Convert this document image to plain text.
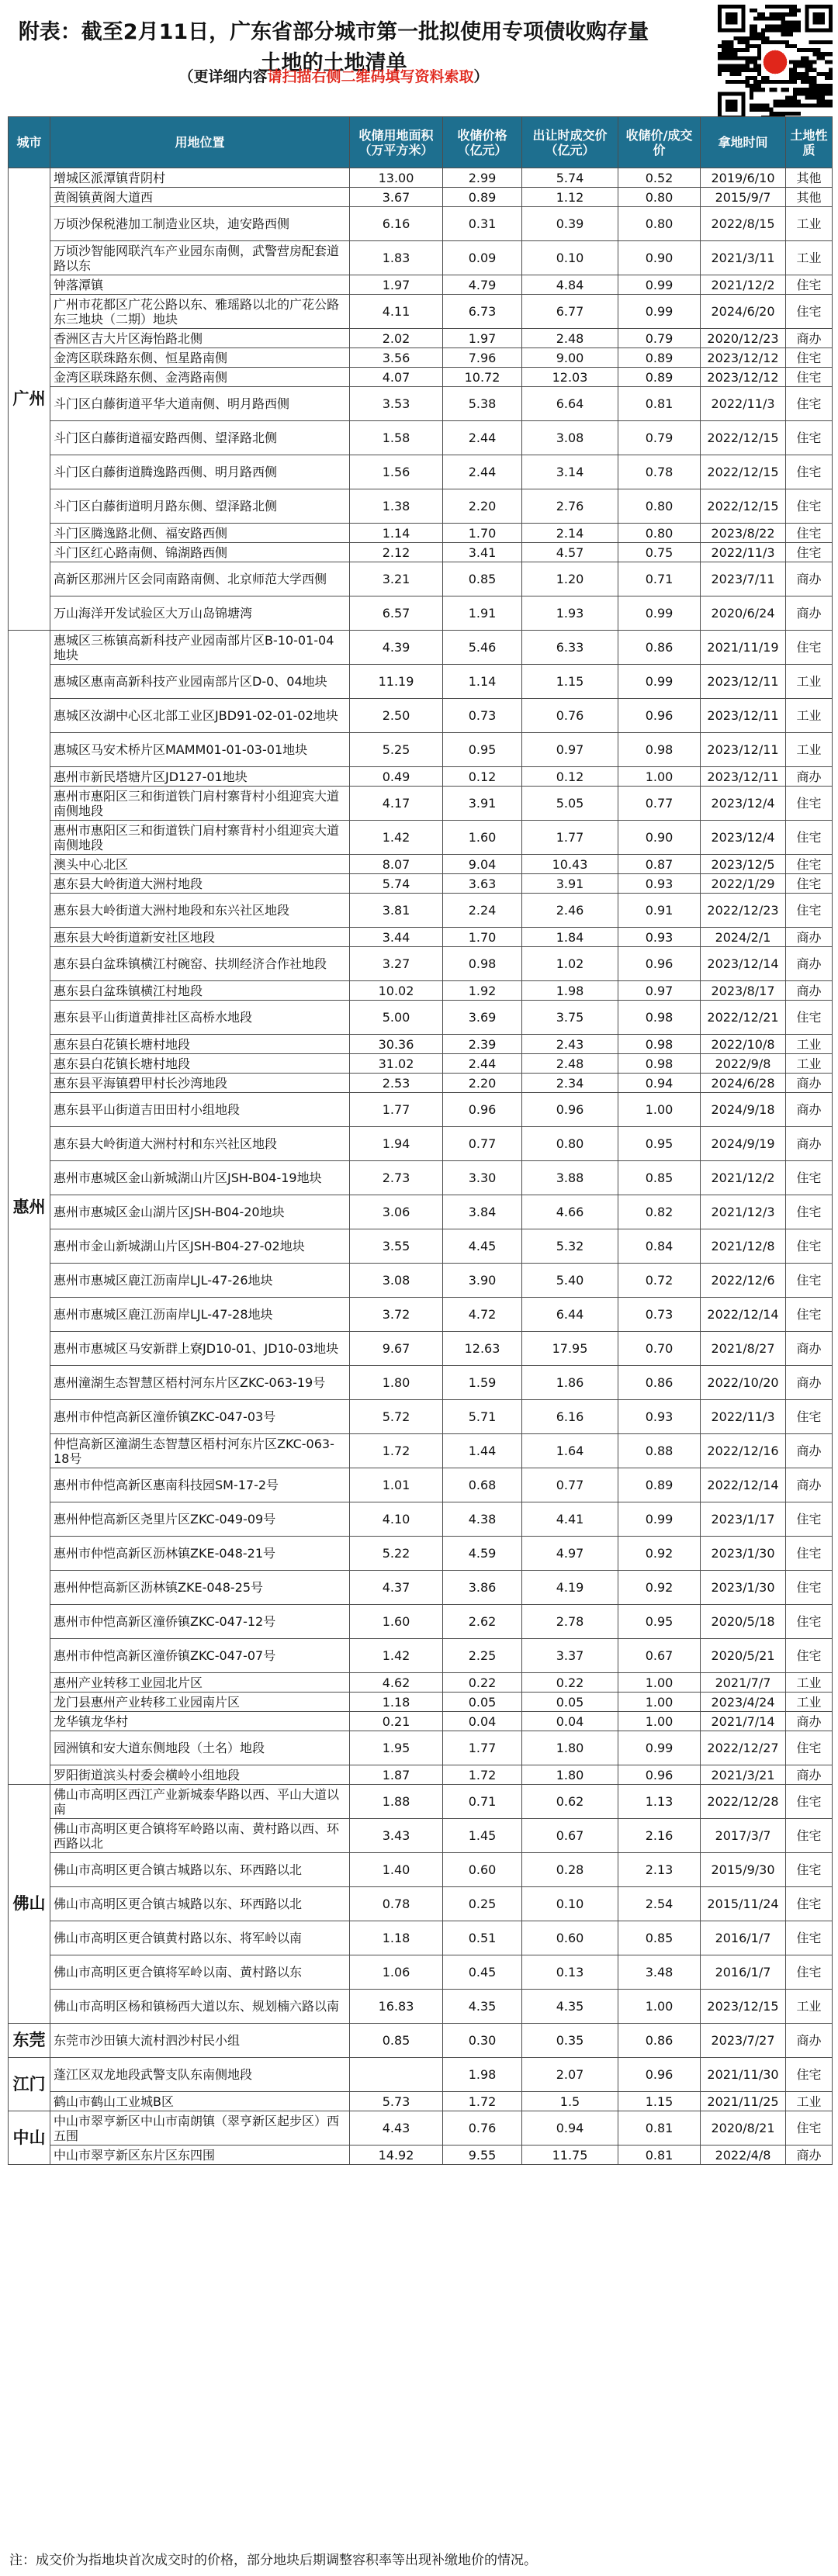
附表：截至2月11日，广东省部分城市第一批拟使用专项债收购存量土地的土地清单
（更详细内容请扫描右侧二维码填写资料索取）
城市	用地位置	收储用地面积（万平方米）	收储价格（亿元）	出让时成交价（亿元）	收储价/成交价	拿地时间	土地性质
广州	增城区派潭镇背阴村	13.00	2.99	5.74	0.52	2019/6/10	其他
	黄阁镇黄阁大道西	3.67	0.89	1.12	0.80	2015/9/7	其他
	万顷沙保税港加工制造业区块，迪安路西侧	6.16	0.31	0.39	0.80	2022/8/15	工业
	万顷沙智能网联汽车产业园东南侧，武警营房配套道路以东	1.83	0.09	0.10	0.90	2021/3/11	工业
	钟落潭镇	1.97	4.79	4.84	0.99	2021/12/2	住宅
	广州市花都区广花公路以东、雅瑶路以北的广花公路东三地块（二期）地块	4.11	6.73	6.77	0.99	2024/6/20	住宅
	香洲区吉大片区海怡路北侧	2.02	1.97	2.48	0.79	2020/12/23	商办
	金湾区联珠路东侧、恒星路南侧	3.56	7.96	9.00	0.89	2023/12/12	住宅
	金湾区联珠路东侧、金湾路南侧	4.07	10.72	12.03	0.89	2023/12/12	住宅
	斗门区白藤街道平华大道南侧、明月路西侧	3.53	5.38	6.64	0.81	2022/11/3	住宅
	斗门区白藤街道福安路西侧、望泽路北侧	1.58	2.44	3.08	0.79	2022/12/15	住宅
	斗门区白藤街道腾逸路西侧、明月路西侧	1.56	2.44	3.14	0.78	2022/12/15	住宅
	斗门区白藤街道明月路东侧、望泽路北侧	1.38	2.20	2.76	0.80	2022/12/15	住宅
	斗门区腾逸路北侧、福安路西侧	1.14	1.70	2.14	0.80	2023/8/22	住宅
	斗门区红心路南侧、锦湖路西侧	2.12	3.41	4.57	0.75	2022/11/3	住宅
	高新区那洲片区会同南路南侧、北京师范大学西侧	3.21	0.85	1.20	0.71	2023/7/11	商办
	万山海洋开发试验区大万山岛锦塘湾	6.57	1.91	1.93	0.99	2020/6/24	商办
惠州	惠城区三栋镇高新科技产业园南部片区B-10-01-04地块	4.39	5.46	6.33	0.86	2021/11/19	住宅
	惠城区惠南高新科技产业园南部片区D-0、04地块	11.19	1.14	1.15	0.99	2023/12/11	工业
	惠城区汝湖中心区北部工业区JBD91-02-01-02地块	2.50	0.73	0.76	0.96	2023/12/11	工业
	惠城区马安术桥片区MAMM01-01-03-01地块	5.25	0.95	0.97	0.98	2023/12/11	工业
	惠州市新民塔塘片区JD127-01地块	0.49	0.12	0.12	1.00	2023/12/11	商办
	惠州市惠阳区三和街道铁门肩村寨背村小组迎宾大道南侧地段	4.17	3.91	5.05	0.77	2023/12/4	住宅
	惠州市惠阳区三和街道铁门肩村寨背村小组迎宾大道南侧地段	1.42	1.60	1.77	0.90	2023/12/4	住宅
	澳头中心北区	8.07	9.04	10.43	0.87	2023/12/5	住宅
	惠东县大岭街道大洲村地段	5.74	3.63	3.91	0.93	2022/1/29	住宅
	惠东县大岭街道大洲村地段和东兴社区地段	3.81	2.24	2.46	0.91	2022/12/23	住宅
	惠东县大岭街道新安社区地段	3.44	1.70	1.84	0.93	2024/2/1	商办
	惠东县白盆珠镇横江村碗窑、扶圳经济合作社地段	3.27	0.98	1.02	0.96	2023/12/14	商办
	惠东县白盆珠镇横江村地段	10.02	1.92	1.98	0.97	2023/8/17	商办
	惠东县平山街道黄排社区高桥水地段	5.00	3.69	3.75	0.98	2022/12/21	住宅
	惠东县白花镇长塘村地段	30.36	2.39	2.43	0.98	2022/10/8	工业
	惠东县白花镇长塘村地段	31.02	2.44	2.48	0.98	2022/9/8	工业
	惠东县平海镇碧甲村长沙湾地段	2.53	2.20	2.34	0.94	2024/6/28	商办
	惠东县平山街道吉田田村小组地段	1.77	0.96	0.96	1.00	2024/9/18	商办
	惠东县大岭街道大洲村村和东兴社区地段	1.94	0.77	0.80	0.95	2024/9/19	商办
	惠州市惠城区金山新城湖山片区JSH-B04-19地块	2.73	3.30	3.88	0.85	2021/12/2	住宅
	惠州市惠城区金山湖片区JSH-B04-20地块	3.06	3.84	4.66	0.82	2021/12/3	住宅
	惠州市金山新城湖山片区JSH-B04-27-02地块	3.55	4.45	5.32	0.84	2021/12/8	住宅
	惠州市惠城区鹿江沥南岸LJL-47-26地块	3.08	3.90	5.40	0.72	2022/12/6	住宅
	惠州市惠城区鹿江沥南岸LJL-47-28地块	3.72	4.72	6.44	0.73	2022/12/14	住宅
	惠州市惠城区马安新群上寮JD10-01、JD10-03地块	9.67	12.63	17.95	0.70	2021/8/27	商办
	惠州潼湖生态智慧区梧村河东片区ZKC-063-19号	1.80	1.59	1.86	0.86	2022/10/20	商办
	惠州市仲恺高新区潼侨镇ZKC-047-03号	5.72	5.71	6.16	0.93	2022/11/3	住宅
	仲恺高新区潼湖生态智慧区梧村河东片区ZKC-063-18号	1.72	1.44	1.64	0.88	2022/12/16	商办
	惠州市仲恺高新区惠南科技园SM-17-2号	1.01	0.68	0.77	0.89	2022/12/14	商办
	惠州仲恺高新区尧里片区ZKC-049-09号	4.10	4.38	4.41	0.99	2023/1/17	住宅
	惠州市仲恺高新区沥林镇ZKE-048-21号	5.22	4.59	4.97	0.92	2023/1/30	住宅
	惠州仲恺高新区沥林镇ZKE-048-25号	4.37	3.86	4.19	0.92	2023/1/30	住宅
	惠州市仲恺高新区潼侨镇ZKC-047-12号	1.60	2.62	2.78	0.95	2020/5/18	住宅
	惠州市仲恺高新区潼侨镇ZKC-047-07号	1.42	2.25	3.37	0.67	2020/5/21	住宅
	惠州产业转移工业园北片区	4.62	0.22	0.22	1.00	2021/7/7	工业
	龙门县惠州产业转移工业园南片区	1.18	0.05	0.05	1.00	2023/4/24	工业
	龙华镇龙华村	0.21	0.04	0.04	1.00	2021/7/14	商办
	园洲镇和安大道东侧地段（土名）地段	1.95	1.77	1.80	0.99	2022/12/27	住宅
	罗阳街道滨头村委会横岭小组地段	1.87	1.72	1.80	0.96	2021/3/21	商办
佛山	佛山市高明区西江产业新城泰华路以西、平山大道以南	1.88	0.71	0.62	1.13	2022/12/28	住宅
	佛山市高明区更合镇将军岭路以南、黄村路以西、环西路以北	3.43	1.45	0.67	2.16	2017/3/7	住宅
	佛山市高明区更合镇古城路以东、环西路以北	1.40	0.60	0.28	2.13	2015/9/30	住宅
	佛山市高明区更合镇古城路以东、环西路以北	0.78	0.25	0.10	2.54	2015/11/24	住宅
	佛山市高明区更合镇黄村路以东、将军岭以南	1.18	0.51	0.60	0.85	2016/1/7	住宅
	佛山市高明区更合镇将军岭以南、黄村路以东	1.06	0.45	0.13	3.48	2016/1/7	住宅
	佛山市高明区杨和镇杨西大道以东、规划楠六路以南	16.83	4.35	4.35	1.00	2023/12/15	工业
东莞	东莞市沙田镇大流村泗沙村民小组	0.85	0.30	0.35	0.86	2023/7/27	商办
江门	蓬江区双龙地段武警支队东南侧地段		1.98	2.07	0.96	2021/11/30	住宅
	鹤山市鹤山工业城B区	5.73	1.72	1.5	1.15	2021/11/25	工业
中山	中山市翠亨新区中山市南朗镇（翠亨新区起步区）西五围	4.43	0.76	0.94	0.81	2020/8/21	住宅
	中山市翠亨新区东片区东四围	14.92	9.55	11.75	0.81	2022/4/8	商办
注：成交价为指地块首次成交时的价格，部分地块后期调整容积率等出现补缴地价的情况。
